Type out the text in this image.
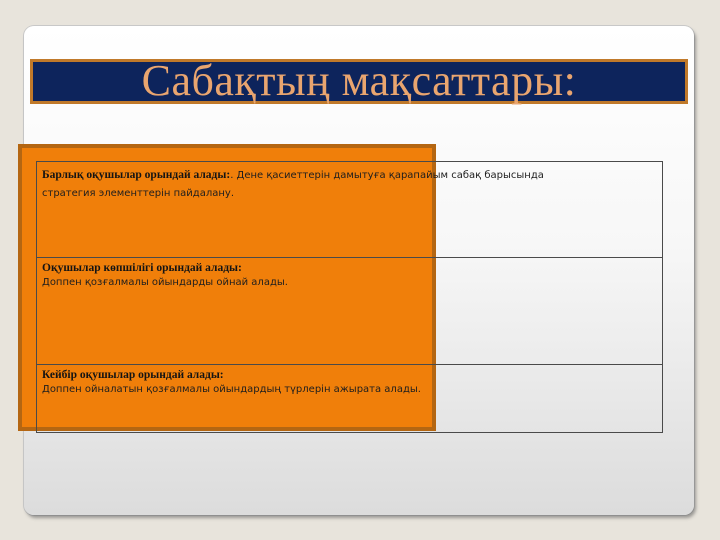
Сабақтың мақсаттары:
Барлық оқушылар орындай алады:. Дене қасиеттерін дамытуға қарапайым сабақ барысында
стратегия элементтерін пайдалану.
Оқушылар көпшілігі орындай алады:
Доппен қозғалмалы ойындарды ойнай алады.
Кейбір оқушылар орындай алады:
Доппен ойналатын қозғалмалы ойындардың түрлерін ажырата алады.
